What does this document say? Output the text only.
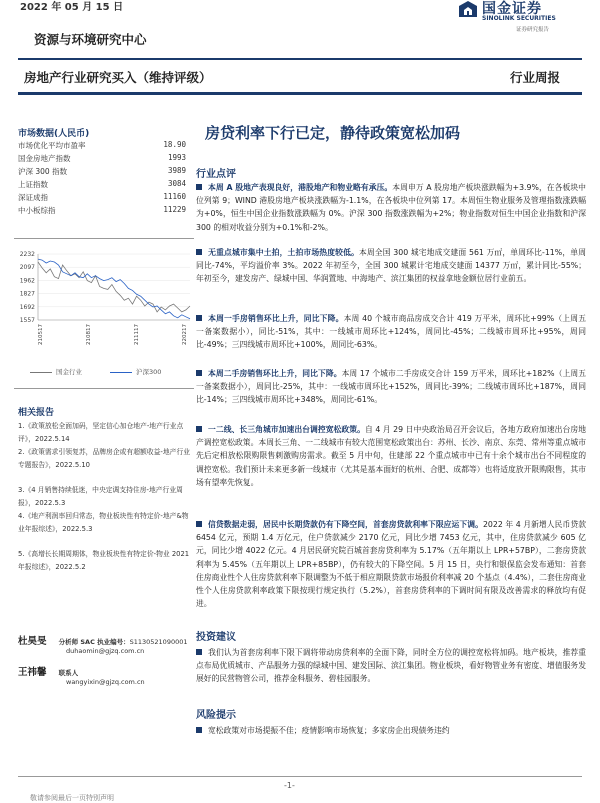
2022 年 05 月 15 日	国金证券
SINOLINK SECURITIES
证券研究报告
资源与环境研究中心
房地产行业研究买入（维持评级）	行业周报
市场数据(人民币)
市场优化平均市盈率	18.90
国金房地产指数	1993
沪深 300 指数	3989
上证指数	3084
深证成指	11160
中小板综指	11229
1557
1692
1827
1962
2097
2232
210517	210817	211117	220217
国金行业	沪深300
相关报告
1.《政策放松全面加码，坚定信心加仓地产-地产行业点评》，2022.5.14
2.《政策需求引领复苏，品牌房企或有超额收益-地产行业专题报告》，2022.5.10
3.《4 月销售持续低迷，中央定调支持住房-地产行业周报》，2022.5.3
4.《地产利润率回归常态，物业板块性有特定价-地产&物业年报综述》，2022.5.3
5.《高增长长期周期体，物业板块性有特定价-物业 2021 年报综述》，2022.5.2
杜昊旻 分析师 SAC 执业编号：S1130521090001
duhaomin@gjzq.com.cn
王祎馨 联系人
wangyixin@gjzq.com.cn
房贷利率下行已定，静待政策宽松加码
行业点评
本周 A 股地产表现良好，港股地产和物业略有承压。本周申万 A 股房地产板块涨跌幅为+3.9%，在各板块中位列第 9；WIND 港股房地产板块涨跌幅为-1.1%，在各板块中位列第 17。本周恒生物业服务及管理指数涨跌幅为+0%，恒生中国企业指数涨跌幅为 0%。沪深 300 指数涨跌幅为+2%；物业指数对恒生中国企业指数和沪深 300 的相对收益分别为+0.1%和-2%。
无重点城市集中土拍，土拍市场热度较低。本周全国 300 城宅地成交建面 561 万㎡，单周环比-11%，单周同比-74%，平均溢价率 3%。2022 年初至今，全国 300 城累计宅地成交建面 14377 万㎡，累计同比-55%；年初至今，建发房产、绿城中国、华润置地、中海地产、滨江集团的权益拿地金额位居行业前五。
本周一手房销售环比上升，同比下降。本周 40 个城市商品房成交合计 419 万平米，周环比+99%（上周五一备案数据小），同比-51%，其中：一线城市周环比+124%，周同比-45%；二线城市周环比+95%，周同比-49%；三四线城市周环比+100%，周同比-63%。
本周二手房销售环比上升，同比下降。本周 17 个城市二手房成交合计 159 万平米，周环比+182%（上周五一备案数据小），周同比-25%，其中：一线城市周环比+152%，周同比-39%；二线城市周环比+187%，周同比-14%；三四线城市周环比+348%，周同比-61%。
一二线、长三角城市加速出台调控宽松政策。自 4 月 29 日中央政治局召开会议后，各地方政府加速出台房地产调控宽松政策。本周长三角、一二线城市有较大范围宽松政策出台：苏州、长沙、南京、东莞、常州等重点城市先后定相放松限购限售刺激购房需求。截至 5 月中旬，住建部 22 个重点城市中已有十余个城市出台不同程度的调控宽松。我们预计未来更多新一线城市（尤其是基本面好的杭州、合肥、成都等）也将适度放开限购限售，其市场有望率先恢复。
信贷数据走弱，居民中长期贷款仍有下降空间，首套房贷款利率下限应运下调。2022 年 4 月新增人民币贷款 6454 亿元，预期 1.4 万亿元，住户贷款减少 2170 亿元，同比少增 7453 亿元，其中，住房贷款减少 605 亿元，同比少增 4022 亿元。4 月居民研究院百城首套房贷利率为 5.17%（五年期以上 LPR+57BP），二套房贷款利率为 5.45%（五年期以上 LPR+85BP），仍有较大的下降空间。5 月 15 日，央行和银保监会发布通知：首套住房商业性个人住房贷款利率下限调整为不低于相应期限贷款市场报价利率减 20 个基点（4.4%），二套住房商业性个人住房贷款利率政策下限按现行规定执行（5.2%），首套房贷利率的下调时间有限及改善需求的释放均有促进。
投资建议
我们认为首套房利率下限下调将带动房贷利率的全面下降，同时全方位的调控宽松将加码。地产板块，推荐重点布局优质城市、产品服务力强的绿城中国、建发国际、滨江集团。物业板块，看好物管业务有密度、增值服务发展好的民营物管公司，推荐金科服务、碧桂园服务。
风险提示
宽松政策对市场提振不佳；疫情影响市场恢复；多家房企出现债务违约
-1-
敬请参阅最后一页特别声明
